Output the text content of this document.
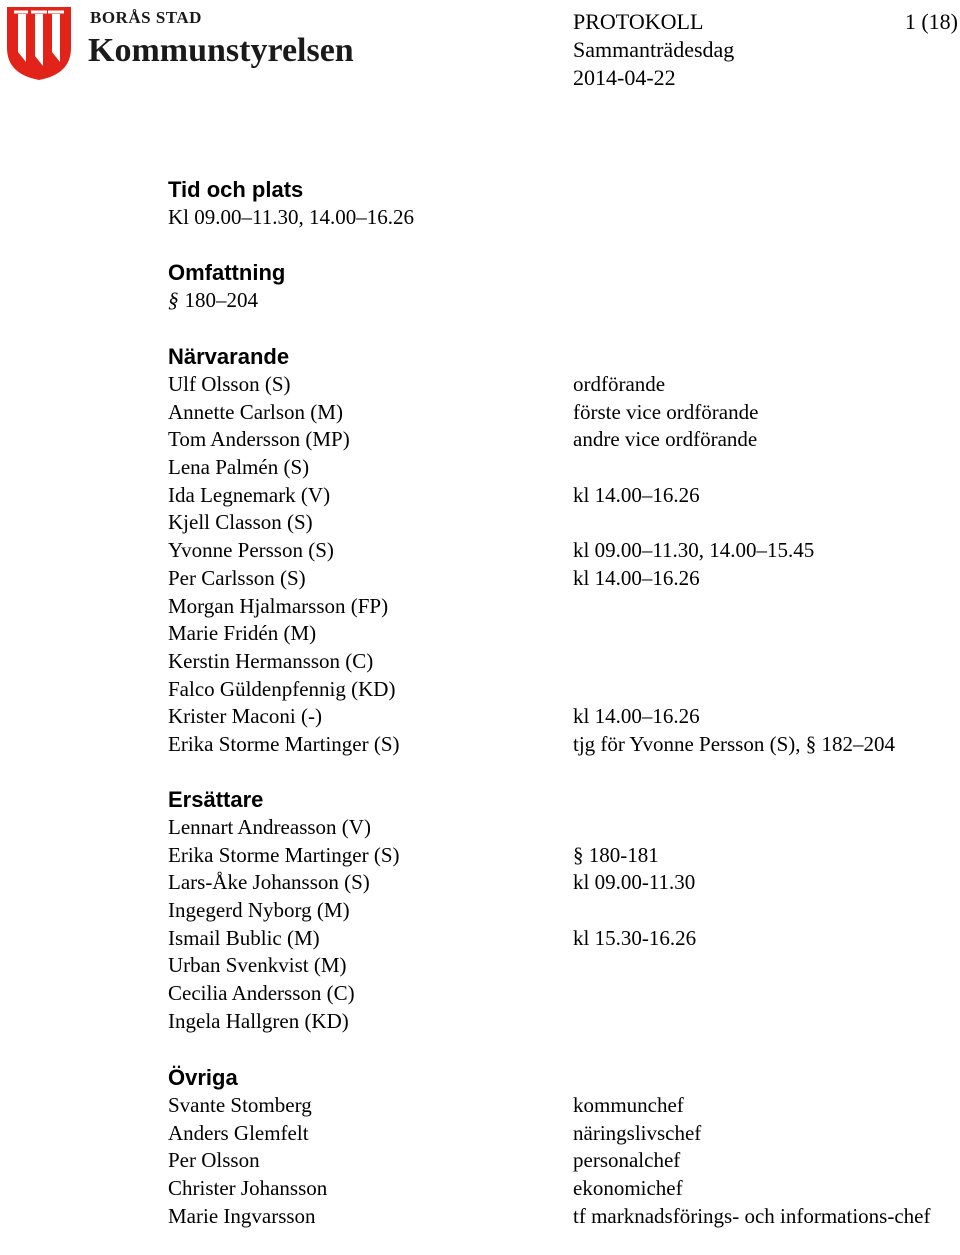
BORÅS STAD
Kommunstyrelsen
PROTOKOLL	1 (18)
Sammanträdesdag
2014-04-22
Tid och plats
Kl 09.00–11.30, 14.00–16.26
Omfattning
§ 180–204
Närvarande
Ulf Olsson (S)	ordförande
Annette Carlson (M)	förste vice ordförande
Tom Andersson (MP)	andre vice ordförande
Lena Palmén (S)
Ida Legnemark (V)	kl 14.00–16.26
Kjell Classon (S)
Yvonne Persson (S)	kl 09.00–11.30, 14.00–15.45
Per Carlsson (S)	kl 14.00–16.26
Morgan Hjalmarsson (FP)
Marie Fridén (M)
Kerstin Hermansson (C)
Falco Güldenpfennig (KD)
Krister Maconi (-)	kl 14.00–16.26
Erika Storme Martinger (S)	tjg för Yvonne Persson (S), § 182–204
Ersättare
Lennart Andreasson (V)
Erika Storme Martinger (S)	§ 180-181
Lars-Åke Johansson (S)	kl 09.00-11.30
Ingegerd Nyborg (M)
Ismail Bublic (M)	kl 15.30-16.26
Urban Svenkvist (M)
Cecilia Andersson (C)
Ingela Hallgren (KD)
Övriga
Svante Stomberg	kommunchef
Anders Glemfelt	näringslivschef
Per Olsson	personalchef
Christer Johansson	ekonomichef
Marie Ingvarsson	tf marknadsförings- och informations-chef
